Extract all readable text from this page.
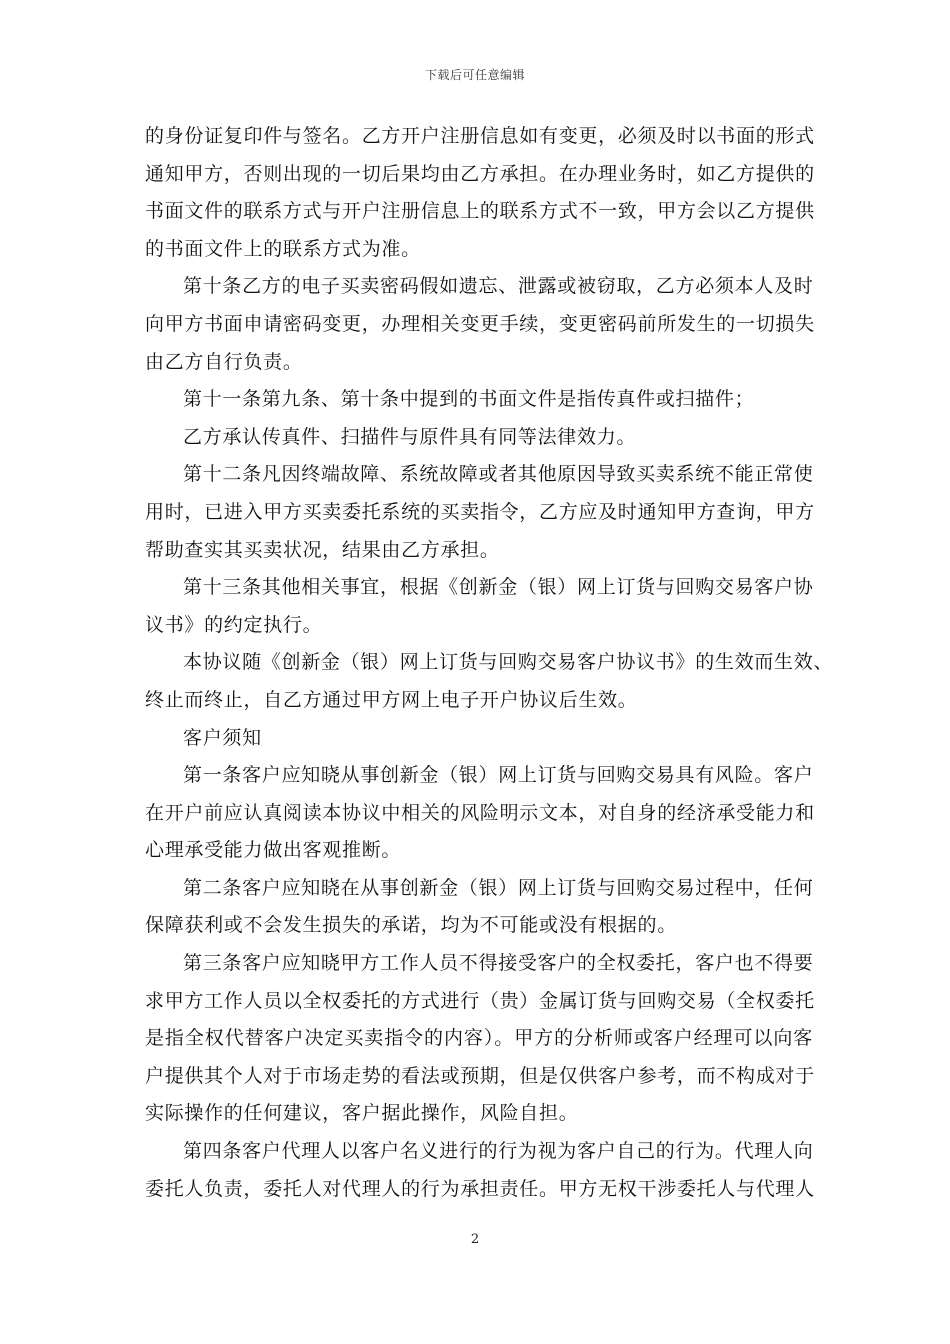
下载后可任意编辑
的身份证复印件与签名。乙方开户注册信息如有变更，必须及时以书面的形式
通知甲方，否则出现的一切后果均由乙方承担。在办理业务时，如乙方提供的
书面文件的联系方式与开户注册信息上的联系方式不一致，甲方会以乙方提供
的书面文件上的联系方式为准。
第十条乙方的电子买卖密码假如遗忘、泄露或被窃取，乙方必须本人及时
向甲方书面申请密码变更，办理相关变更手续，变更密码前所发生的一切损失
由乙方自行负责。
第十一条第九条、第十条中提到的书面文件是指传真件或扫描件；
乙方承认传真件、扫描件与原件具有同等法律效力。
第十二条凡因终端故障、系统故障或者其他原因导致买卖系统不能正常使
用时，已进入甲方买卖委托系统的买卖指令，乙方应及时通知甲方查询，甲方
帮助查实其买卖状况，结果由乙方承担。
第十三条其他相关事宜，根据《创新金（银）网上订货与回购交易客户协
议书》的约定执行。
本协议随《创新金（银）网上订货与回购交易客户协议书》的生效而生效、
终止而终止，自乙方通过甲方网上电子开户协议后生效。
客户须知
第一条客户应知晓从事创新金（银）网上订货与回购交易具有风险。客户
在开户前应认真阅读本协议中相关的风险明示文本，对自身的经济承受能力和
心理承受能力做出客观推断。
第二条客户应知晓在从事创新金（银）网上订货与回购交易过程中，任何
保障获利或不会发生损失的承诺，均为不可能或没有根据的。
第三条客户应知晓甲方工作人员不得接受客户的全权委托，客户也不得要
求甲方工作人员以全权委托的方式进行（贵）金属订货与回购交易（全权委托
是指全权代替客户决定买卖指令的内容）。甲方的分析师或客户经理可以向客
户提供其个人对于市场走势的看法或预期，但是仅供客户参考，而不构成对于
实际操作的任何建议，客户据此操作，风险自担。
第四条客户代理人以客户名义进行的行为视为客户自己的行为。代理人向
委托人负责，委托人对代理人的行为承担责任。甲方无权干涉委托人与代理人
2
